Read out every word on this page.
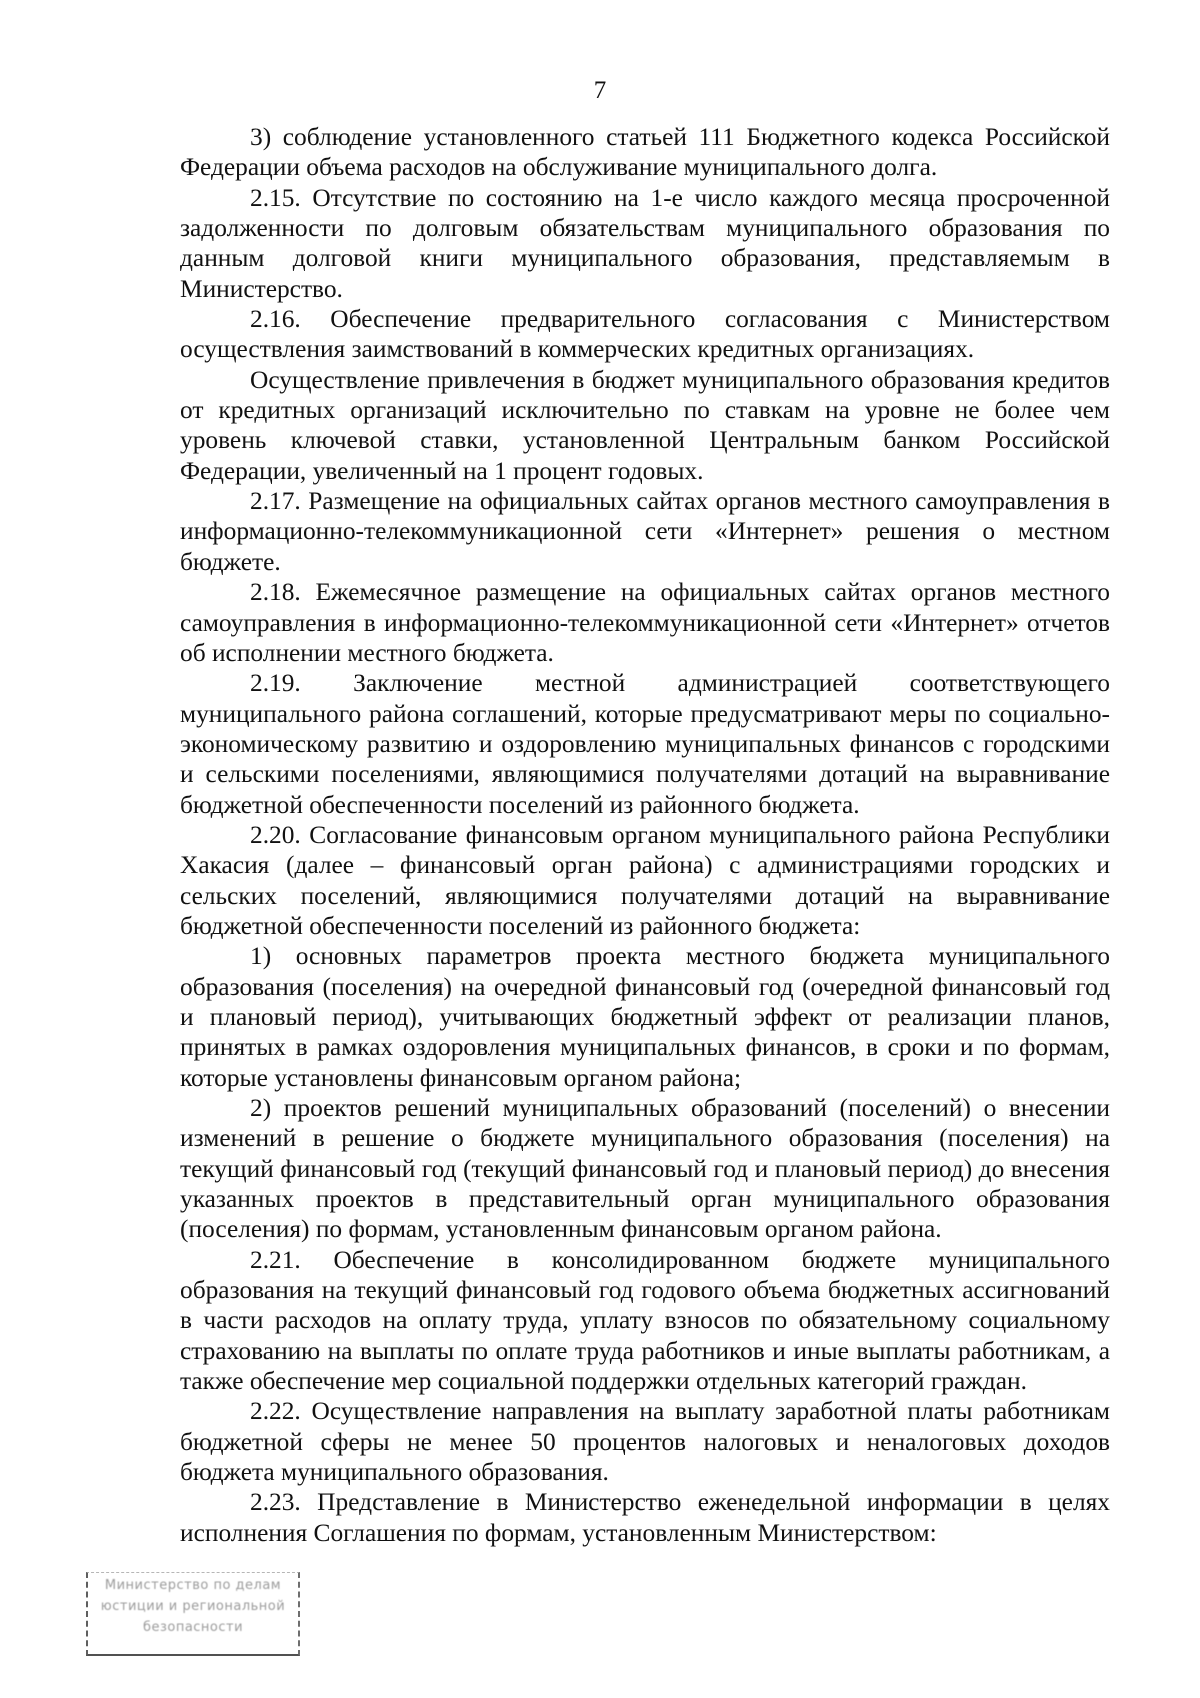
7

3) соблюдение установленного статьей 111 Бюджетного кодекса Российской Федерации объема расходов на обслуживание муниципального долга.

2.15. Отсутствие по состоянию на 1-е число каждого месяца просроченной задолженности по долговым обязательствам муниципального образования по данным долговой книги муниципального образования, представляемым в Министерство.

2.16. Обеспечение предварительного согласования с Министерством осуществления заимствований в коммерческих кредитных организациях.

Осуществление привлечения в бюджет муниципального образования кредитов от кредитных организаций исключительно по ставкам на уровне не более чем уровень ключевой ставки, установленной Центральным банком Российской Федерации, увеличенный на 1 процент годовых.

2.17. Размещение на официальных сайтах органов местного самоуправления в информационно-телекоммуникационной сети «Интернет» решения о местном бюджете.

2.18. Ежемесячное размещение на официальных сайтах органов местного самоуправления в информационно-телекоммуникационной сети «Интернет» отчетов об исполнении местного бюджета.

2.19. Заключение местной администрацией соответствующего муниципального района соглашений, которые предусматривают меры по социально-экономическому развитию и оздоровлению муниципальных финансов с городскими и сельскими поселениями, являющимися получателями дотаций на выравнивание бюджетной обеспеченности поселений из районного бюджета.

2.20. Согласование финансовым органом муниципального района Республики Хакасия (далее – финансовый орган района) с администрациями городских и сельских поселений, являющимися получателями дотаций на выравнивание бюджетной обеспеченности поселений из районного бюджета:

1) основных параметров проекта местного бюджета муниципального образования (поселения) на очередной финансовый год (очередной финансовый год и плановый период), учитывающих бюджетный эффект от реализации планов, принятых в рамках оздоровления муниципальных финансов, в сроки и по формам, которые установлены финансовым органом района;

2) проектов решений муниципальных образований (поселений) о внесении изменений в решение о бюджете муниципального образования (поселения) на текущий финансовый год (текущий финансовый год и плановый период) до внесения указанных проектов в представительный орган муниципального образования (поселения) по формам, установленным финансовым органом района.

2.21. Обеспечение в консолидированном бюджете муниципального образования на текущий финансовый год годового объема бюджетных ассигнований в части расходов на оплату труда, уплату взносов по обязательному социальному страхованию на выплаты по оплате труда работников и иные выплаты работникам, а также обеспечение мер социальной поддержки отдельных категорий граждан.

2.22. Осуществление направления на выплату заработной платы работникам бюджетной сферы не менее 50 процентов налоговых и неналоговых доходов бюджета муниципального образования.

2.23. Представление в Министерство еженедельной информации в целях исполнения Соглашения по формам, установленным Министерством:

Министерство по делам
юстиции и региональной
безопасности
